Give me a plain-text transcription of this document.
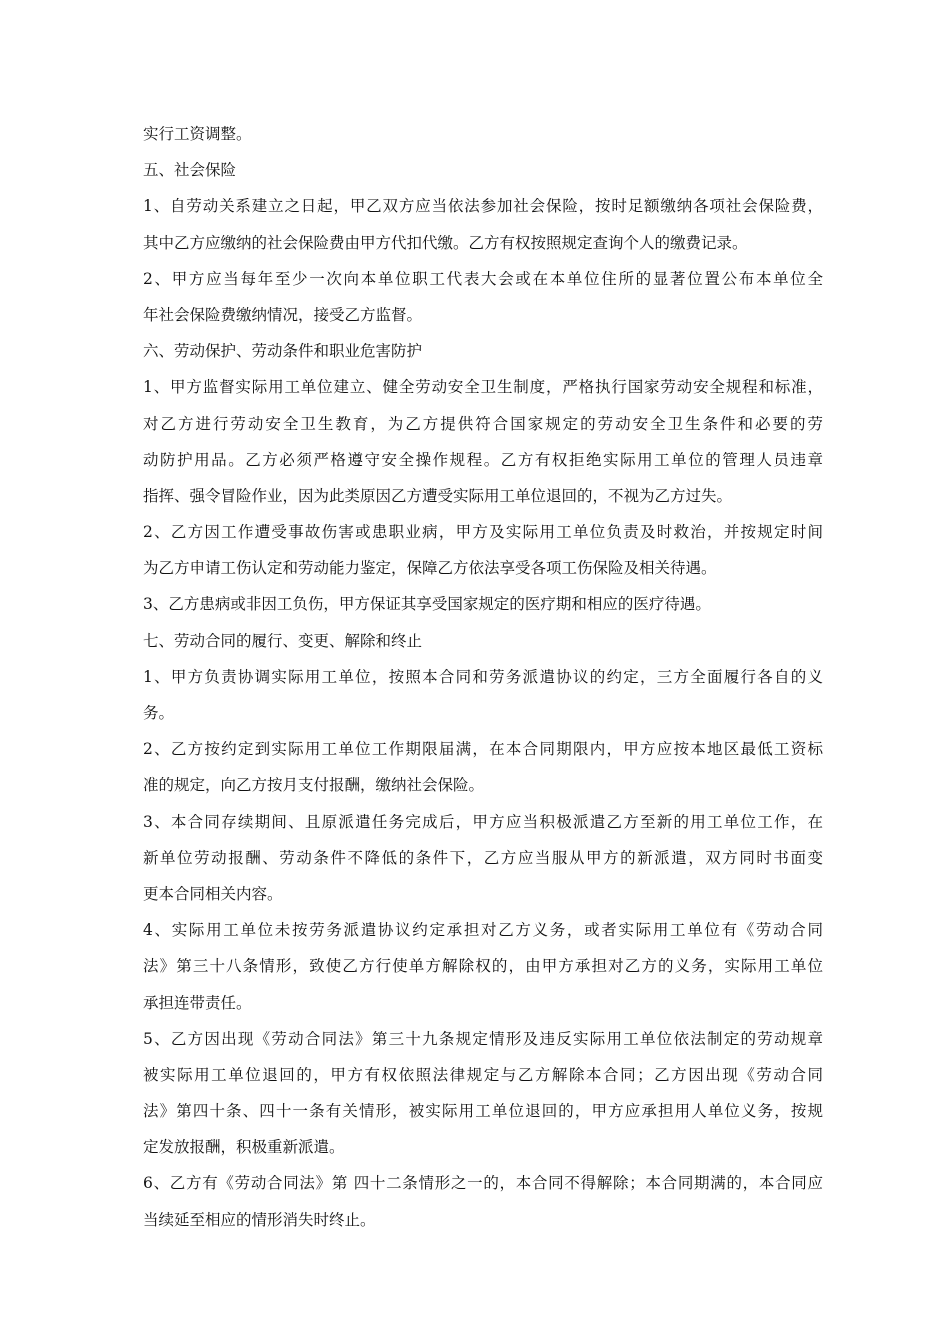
实行工资调整。
五、社会保险
1、自劳动关系建立之日起，甲乙双方应当依法参加社会保险，按时足额缴纳各项社会保险费，
其中乙方应缴纳的社会保险费由甲方代扣代缴。乙方有权按照规定查询个人的缴费记录。
2、甲方应当每年至少一次向本单位职工代表大会或在本单位住所的显著位置公布本单位全
年社会保险费缴纳情况，接受乙方监督。
六、劳动保护、劳动条件和职业危害防护
1、甲方监督实际用工单位建立、健全劳动安全卫生制度，严格执行国家劳动安全规程和标准，
对乙方进行劳动安全卫生教育，为乙方提供符合国家规定的劳动安全卫生条件和必要的劳
动防护用品。乙方必须严格遵守安全操作规程。乙方有权拒绝实际用工单位的管理人员违章
指挥、强令冒险作业，因为此类原因乙方遭受实际用工单位退回的，不视为乙方过失。
2、乙方因工作遭受事故伤害或患职业病，甲方及实际用工单位负责及时救治，并按规定时间
为乙方申请工伤认定和劳动能力鉴定，保障乙方依法享受各项工伤保险及相关待遇。
3、乙方患病或非因工负伤，甲方保证其享受国家规定的医疗期和相应的医疗待遇。
七、劳动合同的履行、变更、解除和终止
1、甲方负责协调实际用工单位，按照本合同和劳务派遣协议的约定，三方全面履行各自的义
务。
2、乙方按约定到实际用工单位工作期限届满，在本合同期限内，甲方应按本地区最低工资标
准的规定，向乙方按月支付报酬，缴纳社会保险。
3、本合同存续期间、且原派遣任务完成后，甲方应当积极派遣乙方至新的用工单位工作，在
新单位劳动报酬、劳动条件不降低的条件下，乙方应当服从甲方的新派遣，双方同时书面变
更本合同相关内容。
4、实际用工单位未按劳务派遣协议约定承担对乙方义务，或者实际用工单位有《劳动合同
法》第三十八条情形，致使乙方行使单方解除权的，由甲方承担对乙方的义务，实际用工单位
承担连带责任。
5、乙方因出现《劳动合同法》第三十九条规定情形及违反实际用工单位依法制定的劳动规章
被实际用工单位退回的，甲方有权依照法律规定与乙方解除本合同；乙方因出现《劳动合同
法》第四十条、四十一条有关情形，被实际用工单位退回的，甲方应承担用人单位义务，按规
定发放报酬，积极重新派遣。
6、乙方有《劳动合同法》第 四十二条情形之一的，本合同不得解除；本合同期满的，本合同应
当续延至相应的情形消失时终止。
